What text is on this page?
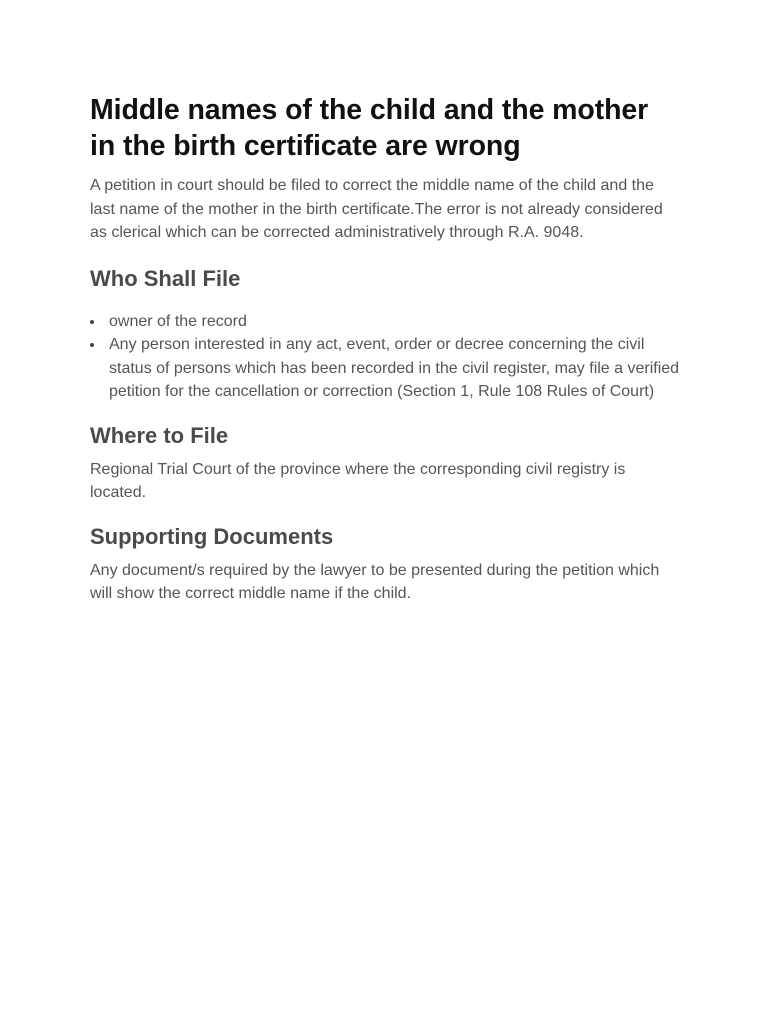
Middle names of the child and the mother in the birth certificate are wrong

A petition in court should be filed to correct the middle name of the child and the last name of the mother in the birth certificate.The error is not already considered as clerical which can be corrected administratively through R.A. 9048.

Who Shall File
owner of the record
Any person interested in any act, event, order or decree concerning the civil status of persons which has been recorded in the civil register, may file a verified petition for the cancellation or correction (Section 1, Rule 108 Rules of Court)
Where to File

Regional Trial Court of the province where the corresponding civil registry is located.

Supporting Documents

Any document/s required by the lawyer to be presented during the petition which will show the correct middle name if the child.
